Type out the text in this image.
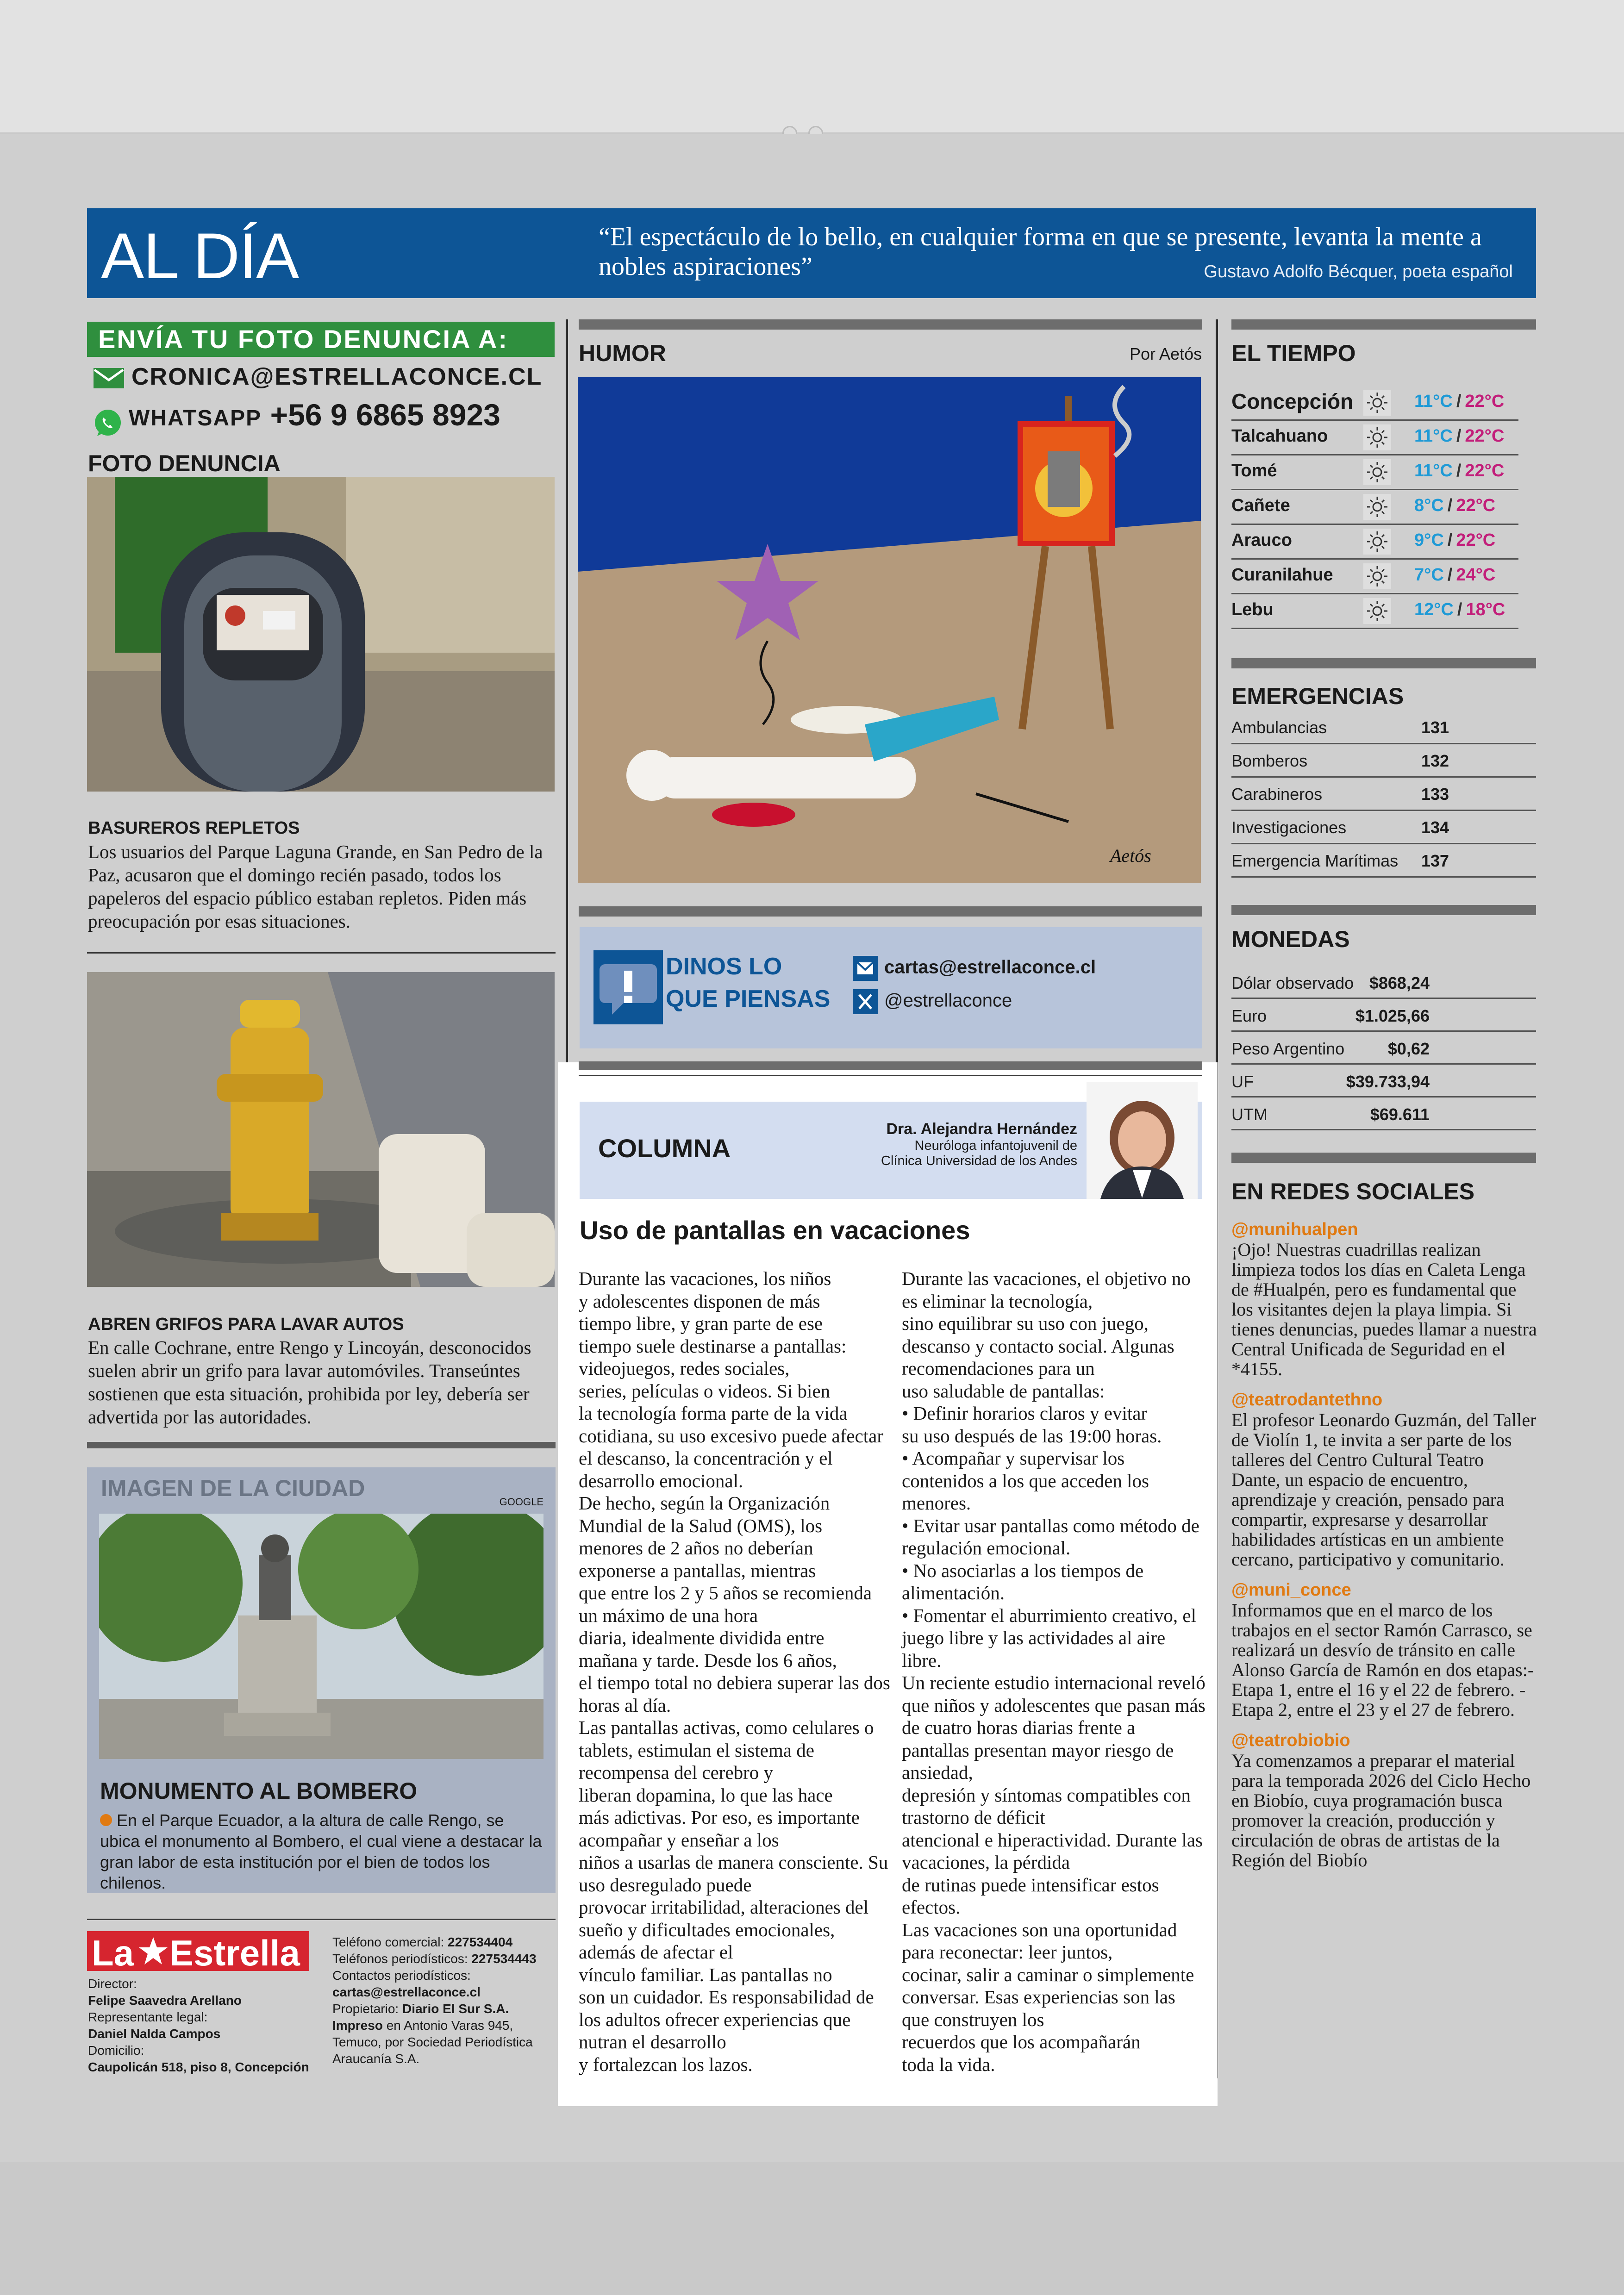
AL DÍA	“El espectáculo de lo bello, en cualquier forma en que se presente, levanta la mente a nobles aspiraciones”	Gustavo Adolfo Bécquer, poeta español
ENVÍA TU FOTO DENUNCIA A:
CRONICA@ESTRELLACONCE.CL
WHATSAPP +56 9 6865 8923
FOTO DENUNCIA
BASUREROS REPLETOS
Los usuarios del Parque Laguna Grande, en San Pedro de la Paz, acusaron que el domingo recién pasado, todos los papeleros del espacio público estaban repletos. Piden más preocupación por esas situaciones.
ABREN GRIFOS PARA LAVAR AUTOS
En calle Cochrane, entre Rengo y Lincoyán, desconocidos suelen abrir un grifo para lavar automóviles. Transeúntes sostienen que esta situación, prohibida por ley, debería ser advertida por las autoridades.
IMAGEN DE LA CIUDAD
GOOGLE
MONUMENTO AL BOMBERO
En el Parque Ecuador, a la altura de calle Rengo, se ubica el monumento al Bombero, el cual viene a destacar la gran labor de esta institución por el bien de todos los chilenos.
La Estrella
Director:
Felipe Saavedra Arellano
Representante legal:
Daniel Nalda Campos
Domicilio:
Caupolicán 518, piso 8, Concepción
Teléfono comercial: 227534404
Teléfonos periodísticos: 227534443
Contactos periodísticos:
cartas@estrellaconce.cl
Propietario: Diario El Sur S.A.
Impreso en Antonio Varas 945, Temuco, por Sociedad Periodística Araucanía S.A.
HUMOR	Por Aetós
Aetós
DINOS LO
QUE PIENSAS
cartas@estrellaconce.cl
@estrellaconce
COLUMNA
Dra. Alejandra Hernández
Neuróloga infantojuvenil de
Clínica Universidad de los Andes
Uso de pantallas en vacaciones
Durante las vacaciones, los niños
y adolescentes disponen de más
tiempo libre, y gran parte de ese
tiempo suele destinarse a pantallas: videojuegos, redes sociales,
series, películas o videos. Si bien
la tecnología forma parte de la vida cotidiana, su uso excesivo puede afectar el descanso, la concentración y el desarrollo emocional.
De hecho, según la Organización
Mundial de la Salud (OMS), los
menores de 2 años no deberían
exponerse a pantallas, mientras
que entre los 2 y 5 años se recomienda un máximo de una hora
diaria, idealmente dividida entre
mañana y tarde. Desde los 6 años,
el tiempo total no debiera superar las dos horas al día.
Las pantallas activas, como celulares o tablets, estimulan el sistema de recompensa del cerebro y
liberan dopamina, lo que las hace
más adictivas. Por eso, es importante acompañar y enseñar a los
niños a usarlas de manera consciente. Su uso desregulado puede
provocar irritabilidad, alteraciones del sueño y dificultades emocionales, además de afectar el
vínculo familiar. Las pantallas no
son un cuidador. Es responsabilidad de los adultos ofrecer experiencias que nutran el desarrollo
y fortalezcan los lazos.
Durante las vacaciones, el objetivo no es eliminar la tecnología,
sino equilibrar su uso con juego,
descanso y contacto social. Algunas recomendaciones para un
uso saludable de pantallas:
• Definir horarios claros y evitar
su uso después de las 19:00 horas.
• Acompañar y supervisar los
contenidos a los que acceden los
menores.
• Evitar usar pantallas como método de regulación emocional.
• No asociarlas a los tiempos de
alimentación.
• Fomentar el aburrimiento creativo, el juego libre y las actividades al aire libre.
Un reciente estudio internacional reveló que niños y adolescentes que pasan más de cuatro horas diarias frente a pantallas presentan mayor riesgo de ansiedad,
depresión y síntomas compatibles con trastorno de déficit
atencional e hiperactividad. Durante las vacaciones, la pérdida
de rutinas puede intensificar estos efectos.
Las vacaciones son una oportunidad para reconectar: leer juntos,
cocinar, salir a caminar o simplemente conversar. Esas experiencias son las que construyen los
recuerdos que los acompañarán
toda la vida.
EL TIEMPO
Concepción	11°C / 22°C
Talcahuano	11°C / 22°C
Tomé	11°C / 22°C
Cañete	8°C / 22°C
Arauco	9°C / 22°C
Curanilahue	7°C / 24°C
Lebu	12°C / 18°C
EMERGENCIAS
Ambulancias	131
Bomberos	132
Carabineros	133
Investigaciones	134
Emergencia Marítimas 137
MONEDAS
Dólar observado $868,24
Euro	$1.025,66
Peso Argentino	$0,62
UF	$39.733,94
UTM	$69.611
EN REDES SOCIALES
@munihualpen
¡Ojo! Nuestras cuadrillas realizan limpieza todos los días en Caleta Lenga de #Hualpén, pero es fundamental que los visitantes dejen la playa limpia. Si tienes denuncias, puedes llamar a nuestra Central Unificada de Seguridad en el *4155.
@teatrodantethno
El profesor Leonardo Guzmán, del Taller de Violín 1, te invita a ser parte de los talleres del Centro Cultural Teatro Dante, un espacio de encuentro, aprendizaje y creación, pensado para compartir, expresarse y desarrollar habilidades artísticas en un ambiente cercano, participativo y comunitario.
@muni_conce
Informamos que en el marco de los trabajos en el sector Ramón Carrasco, se realizará un desvío de tránsito en calle Alonso García de Ramón en dos etapas:- Etapa 1, entre el 16 y el 22 de febrero. - Etapa 2, entre el 23 y el 27 de febrero.
@teatrobiobio
Ya comenzamos a preparar el material para la temporada 2026 del Ciclo Hecho en Biobío, cuya programación busca promover la creación, producción y circulación de obras de artistas de la Región del Biobío
